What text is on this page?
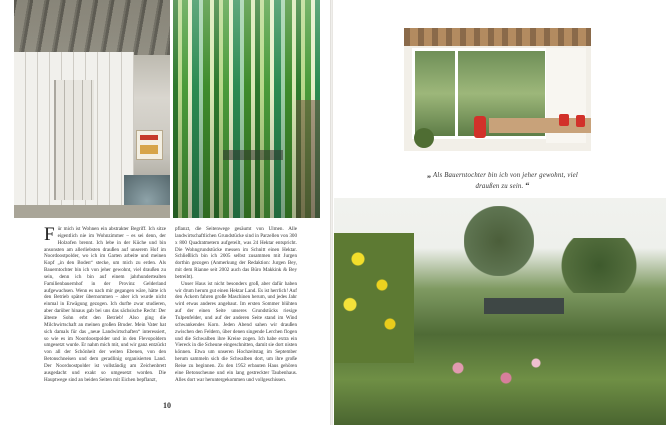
Für mich ist Wohnen ein abstrakter Begriff. Ich sitze eigentlich nie im Wohnzimmer – es sei denn, der Holzofen brennt. Ich lebe in der Küche und bin ansonsten am allerliebsten draußen auf unserem Hof im Noordoostpolder, wo ich im Garten arbeite und meinen Kopf „in den Boden“ stecke, um mich zu erden. Als Bauerntochter bin ich von jeher gewohnt, viel draußen zu sein, denn ich bin auf einem jahrhundertealten Familienbauernhof in der Provinz Gelderland aufgewachsen. Wenn es nach mir gegangen wäre, hätte ich den Betrieb später übernommen – aber ich wurde nicht einmal in Erwägung gezogen. Ich durfte zwar studieren, aber darüber hinaus gab bei uns das sächsische Recht: Der älteste Sohn erbt den Betrieb! Also ging die Milchwirtschaft an meinen großen Bruder. Mein Vater hat sich damals für das „neue Landwirtschaften“ interessiert, so wie es im Noordoostpolder und in den Flevopoldern umgesetzt wurde. Er nahm mich mit, und wir ganz entzückt von all der Schönheit der weiten Ebenen, von den Betonschneisen und dem geradlinig organisierten Land. Der Noordoostpolder ist vollständig am Zeichenbrett ausgedacht und exakt so umgesetzt worden. Die Hauptwege sind an beiden Seiten mit Eichen bepflanzt,

pflanzt, die Seitenwege gesäumt von Ulmen. Alle landwirtschaftlichen Grundstücke sind in Parzellen von 300 x 800 Quadratmetern aufgeteilt, was 24 Hektar entspricht. Die Wohngrundstücke messen im Schnitt einen Hektar. Schließlich bin ich 2005 selbst zusammen mit Jurgen dorthin gezogen (Anmerkung der Redaktion: Jurgen Bey, mit dem Rianne seit 2002 auch das Büro Makkink & Bey betreibt).

Unser Haus ist nicht besonders groß, aber dafür haben wir drum herum gut einen Hektar Land. Es ist herrlich! Auf den Äckern fahren große Maschinen herum, und jedes Jahr wird etwas anderes angebaut. Im ersten Sommer blühten auf der einen Seite unseres Grundstücks riesige Tulpenfelder, und auf der anderen Seite stand im Wind schwankendes Korn. Jeden Abend sahen wir draußen zwischen den Feldern, über denen singende Lerchen flogen und die Schwalben ihre Kreise zogen. Ich habe extra ein Viereck in die Scheune eingeschnitten, damit sie dort nisten können. Etwa um unseren Hochzeitstag im September herum sammeln sich die Schwalben dort, um ihre große Reise zu beginnen. Zu den 1952 erbauten Haus gehören eine Betonscheune und ein lang gestreckter Taubenhaus. Alles dort war heruntergekommen und vollgeschissen.

10
„ Als Bauerntochter bin ich von jeher gewohnt, viel draußen zu sein. “
